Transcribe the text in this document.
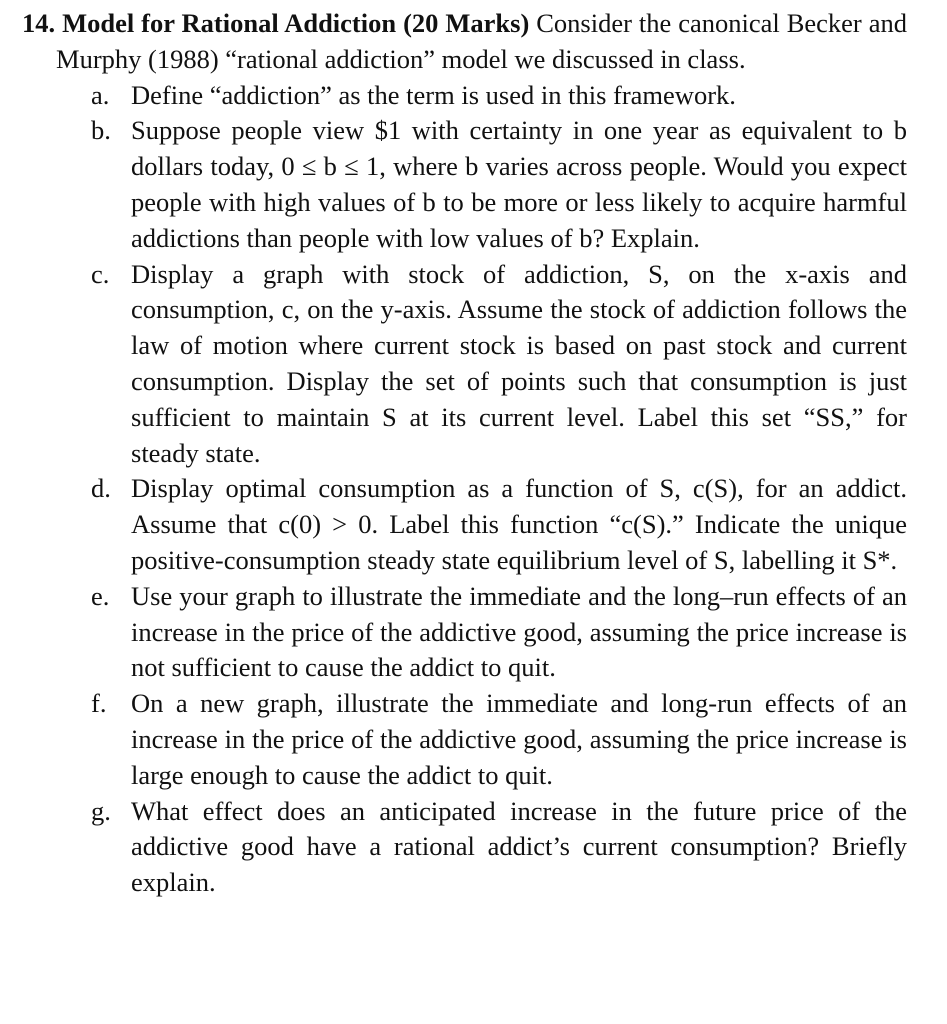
14. Model for Rational Addiction (20 Marks) Consider the canonical Becker and Murphy (1988) “rational addiction” model we discussed in class.

a. Define “addiction” as the term is used in this framework.
b. Suppose people view $1 with certainty in one year as equivalent to b dollars today, 0 ≤ b ≤ 1, where b varies across people. Would you expect people with high values of b to be more or less likely to acquire harmful addictions than people with low values of b? Explain.
c. Display a graph with stock of addiction, S, on the x-axis and consumption, c, on the y-axis. Assume the stock of addiction follows the law of motion where current stock is based on past stock and current consumption. Display the set of points such that consumption is just sufficient to maintain S at its current level. Label this set “SS,” for steady state.
d. Display optimal consumption as a function of S, c(S), for an addict. Assume that c(0) > 0. Label this function “c(S).” Indicate the unique positive-consumption steady state equilibrium level of S, labelling it S*.
e. Use your graph to illustrate the immediate and the long–run effects of an increase in the price of the addictive good, assuming the price increase is not sufficient to cause the addict to quit.
f. On a new graph, illustrate the immediate and long-run effects of an increase in the price of the addictive good, assuming the price increase is large enough to cause the addict to quit.
g. What effect does an anticipated increase in the future price of the addictive good have a rational addict’s current consumption? Briefly explain.
